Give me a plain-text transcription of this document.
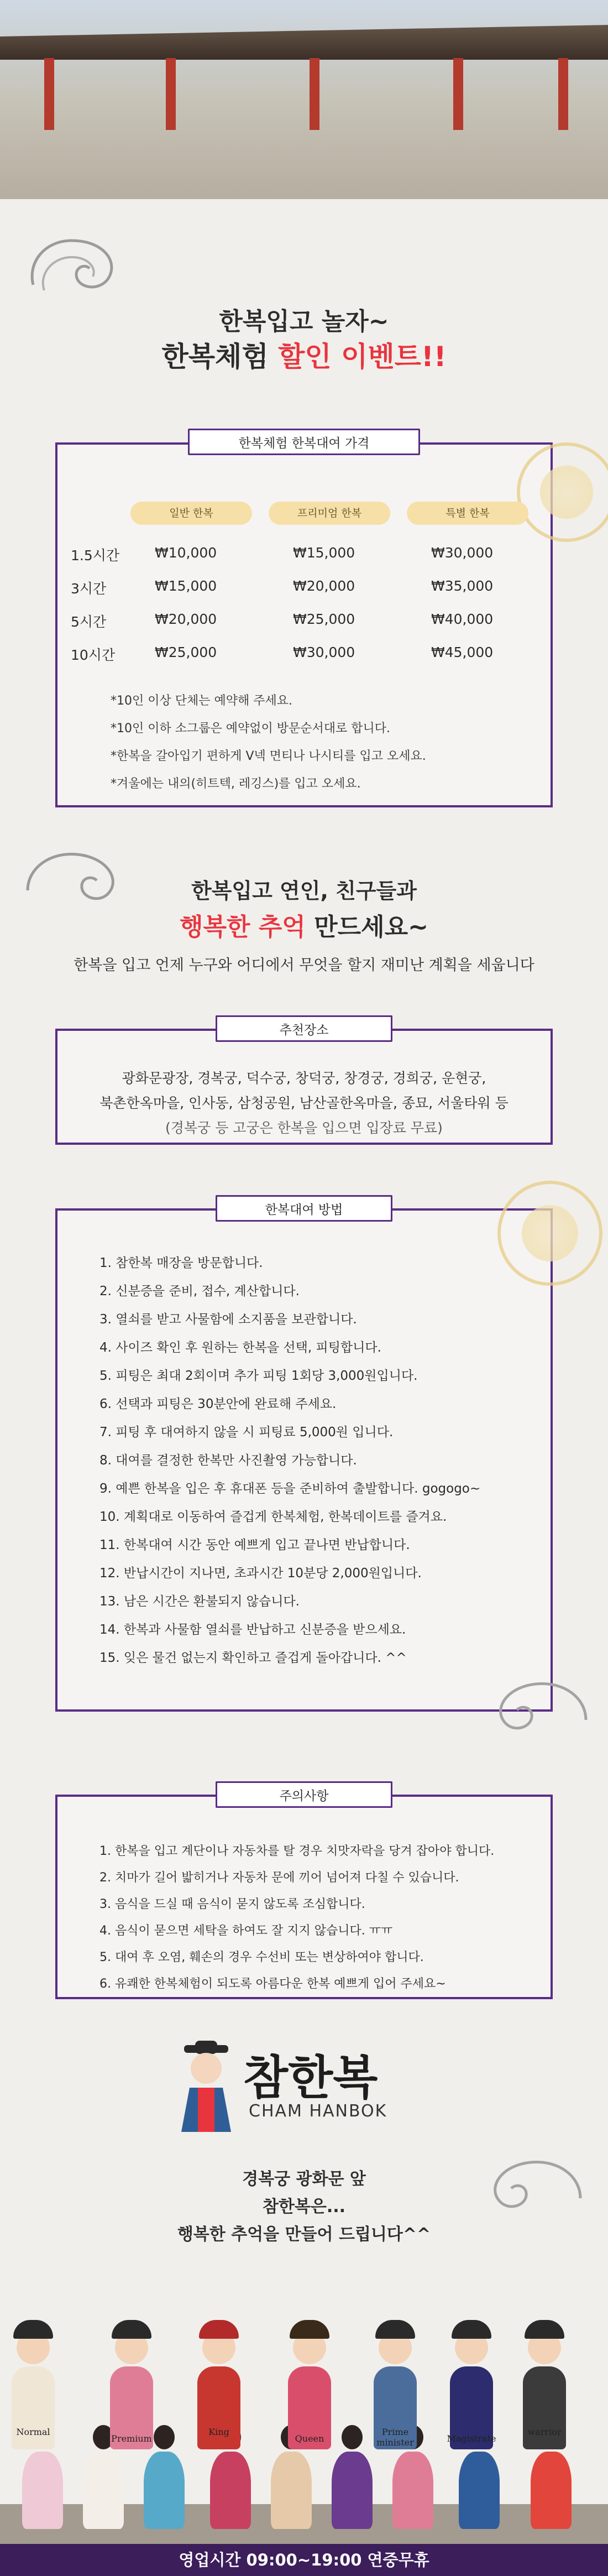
한복입고 놀자~
한복체험 할인 이벤트!!
한복체험 한복대여 가격
일반 한복	프리미엄 한복	특별 한복
1.5시간	₩10,000	₩15,000	₩30,000
3시간	₩15,000	₩20,000	₩35,000
5시간	₩20,000	₩25,000	₩40,000
10시간	₩25,000	₩30,000	₩45,000
*10인 이상 단체는 예약해 주세요.
*10인 이하 소그룹은 예약없이 방문순서대로 합니다.
*한복을 갈아입기 편하게 V넥 면티나 나시티를 입고 오세요.
*겨울에는 내의(히트텍, 레깅스)를 입고 오세요.
한복입고 연인, 친구들과
행복한 추억 만드세요~
한복을 입고 언제 누구와 어디에서 무엇을 할지 재미난 계획을 세웁니다
추천장소
광화문광장, 경복궁, 덕수궁, 창덕궁, 창경궁, 경희궁, 운현궁,
북촌한옥마을, 인사동, 삼청공원, 남산골한옥마을, 종묘, 서울타워 등
(경복궁 등 고궁은 한복을 입으면 입장료 무료)
한복대여 방법
1. 참한복 매장을 방문합니다.
2. 신분증을 준비, 접수, 계산합니다.
3. 열쇠를 받고 사물함에 소지품을 보관합니다.
4. 사이즈 확인 후 원하는 한복을 선택, 피팅합니다.
5. 피팅은 최대 2회이며 추가 피팅 1회당 3,000원입니다.
6. 선택과 피팅은 30분안에 완료해 주세요.
7. 피팅 후 대여하지 않을 시 피팅료 5,000원 입니다.
8. 대여를 결정한 한복만 사진촬영 가능합니다.
9. 예쁜 한복을 입은 후 휴대폰 등을 준비하여 출발합니다. gogogo~
10. 계획대로 이동하여 즐겁게 한복체험, 한복데이트를 즐겨요.
11. 한복대여 시간 동안 예쁘게 입고 끝나면 반납합니다.
12. 반납시간이 지나면, 초과시간 10분당 2,000원입니다.
13. 남은 시간은 환불되지 않습니다.
14. 한복과 사물함 열쇠를 반납하고 신분증을 받으세요.
15. 잊은 물건 없는지 확인하고 즐겁게 돌아갑니다. ^^
주의사항
1. 한복을 입고 계단이나 자동차를 탈 경우 치맛자락을 당겨 잡아야 합니다.
2. 치마가 길어 밟히거나 자동차 문에 끼어 넘어져 다칠 수 있습니다.
3. 음식을 드실 때 음식이 묻지 않도록 조심합니다.
4. 음식이 묻으면 세탁을 하여도 잘 지지 않습니다. ㅠㅠ
5. 대여 후 오염, 훼손의 경우 수선비 또는 변상하여야 합니다.
6. 유쾌한 한복체험이 되도록 아름다운 한복 예쁘게 입어 주세요~
참한복
CHAM HANBOK
경복궁 광화문 앞
참한복은...
행복한 추억을 만들어 드립니다^^
Normal
Premium
King
Queen
Prime minister	Magistrate
warrior
영업시간 09:00~19:00 연중무휴
